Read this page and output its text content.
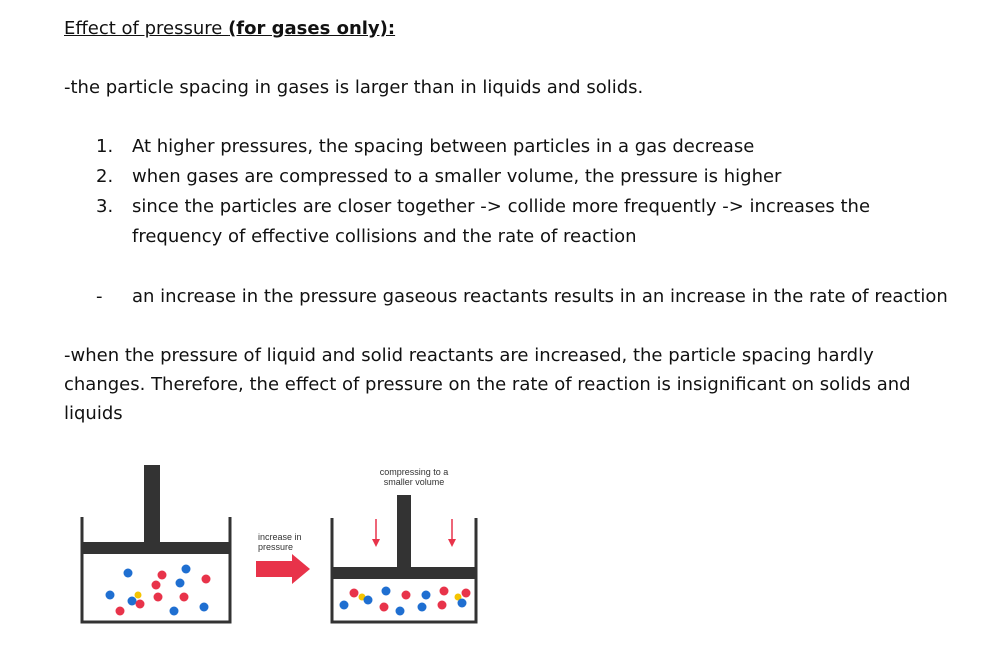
Effect of pressure (for gases only):
-the particle spacing in gases is larger than in liquids and solids.
1. At higher pressures, the spacing between particles in a gas decrease
2. when gases are compressed to a smaller volume, the pressure is higher
3. since the particles are closer together -> collide more frequently -> increases the
frequency of effective collisions and the rate of reaction
- an increase in the pressure gaseous reactants results in an increase in the rate of reaction
-when the pressure of liquid and solid reactants are increased, the particle spacing hardly changes. Therefore, the effect of pressure on the rate of reaction is insignificant on solids and liquids
increase in
pressure
compressing to a
smaller volume
